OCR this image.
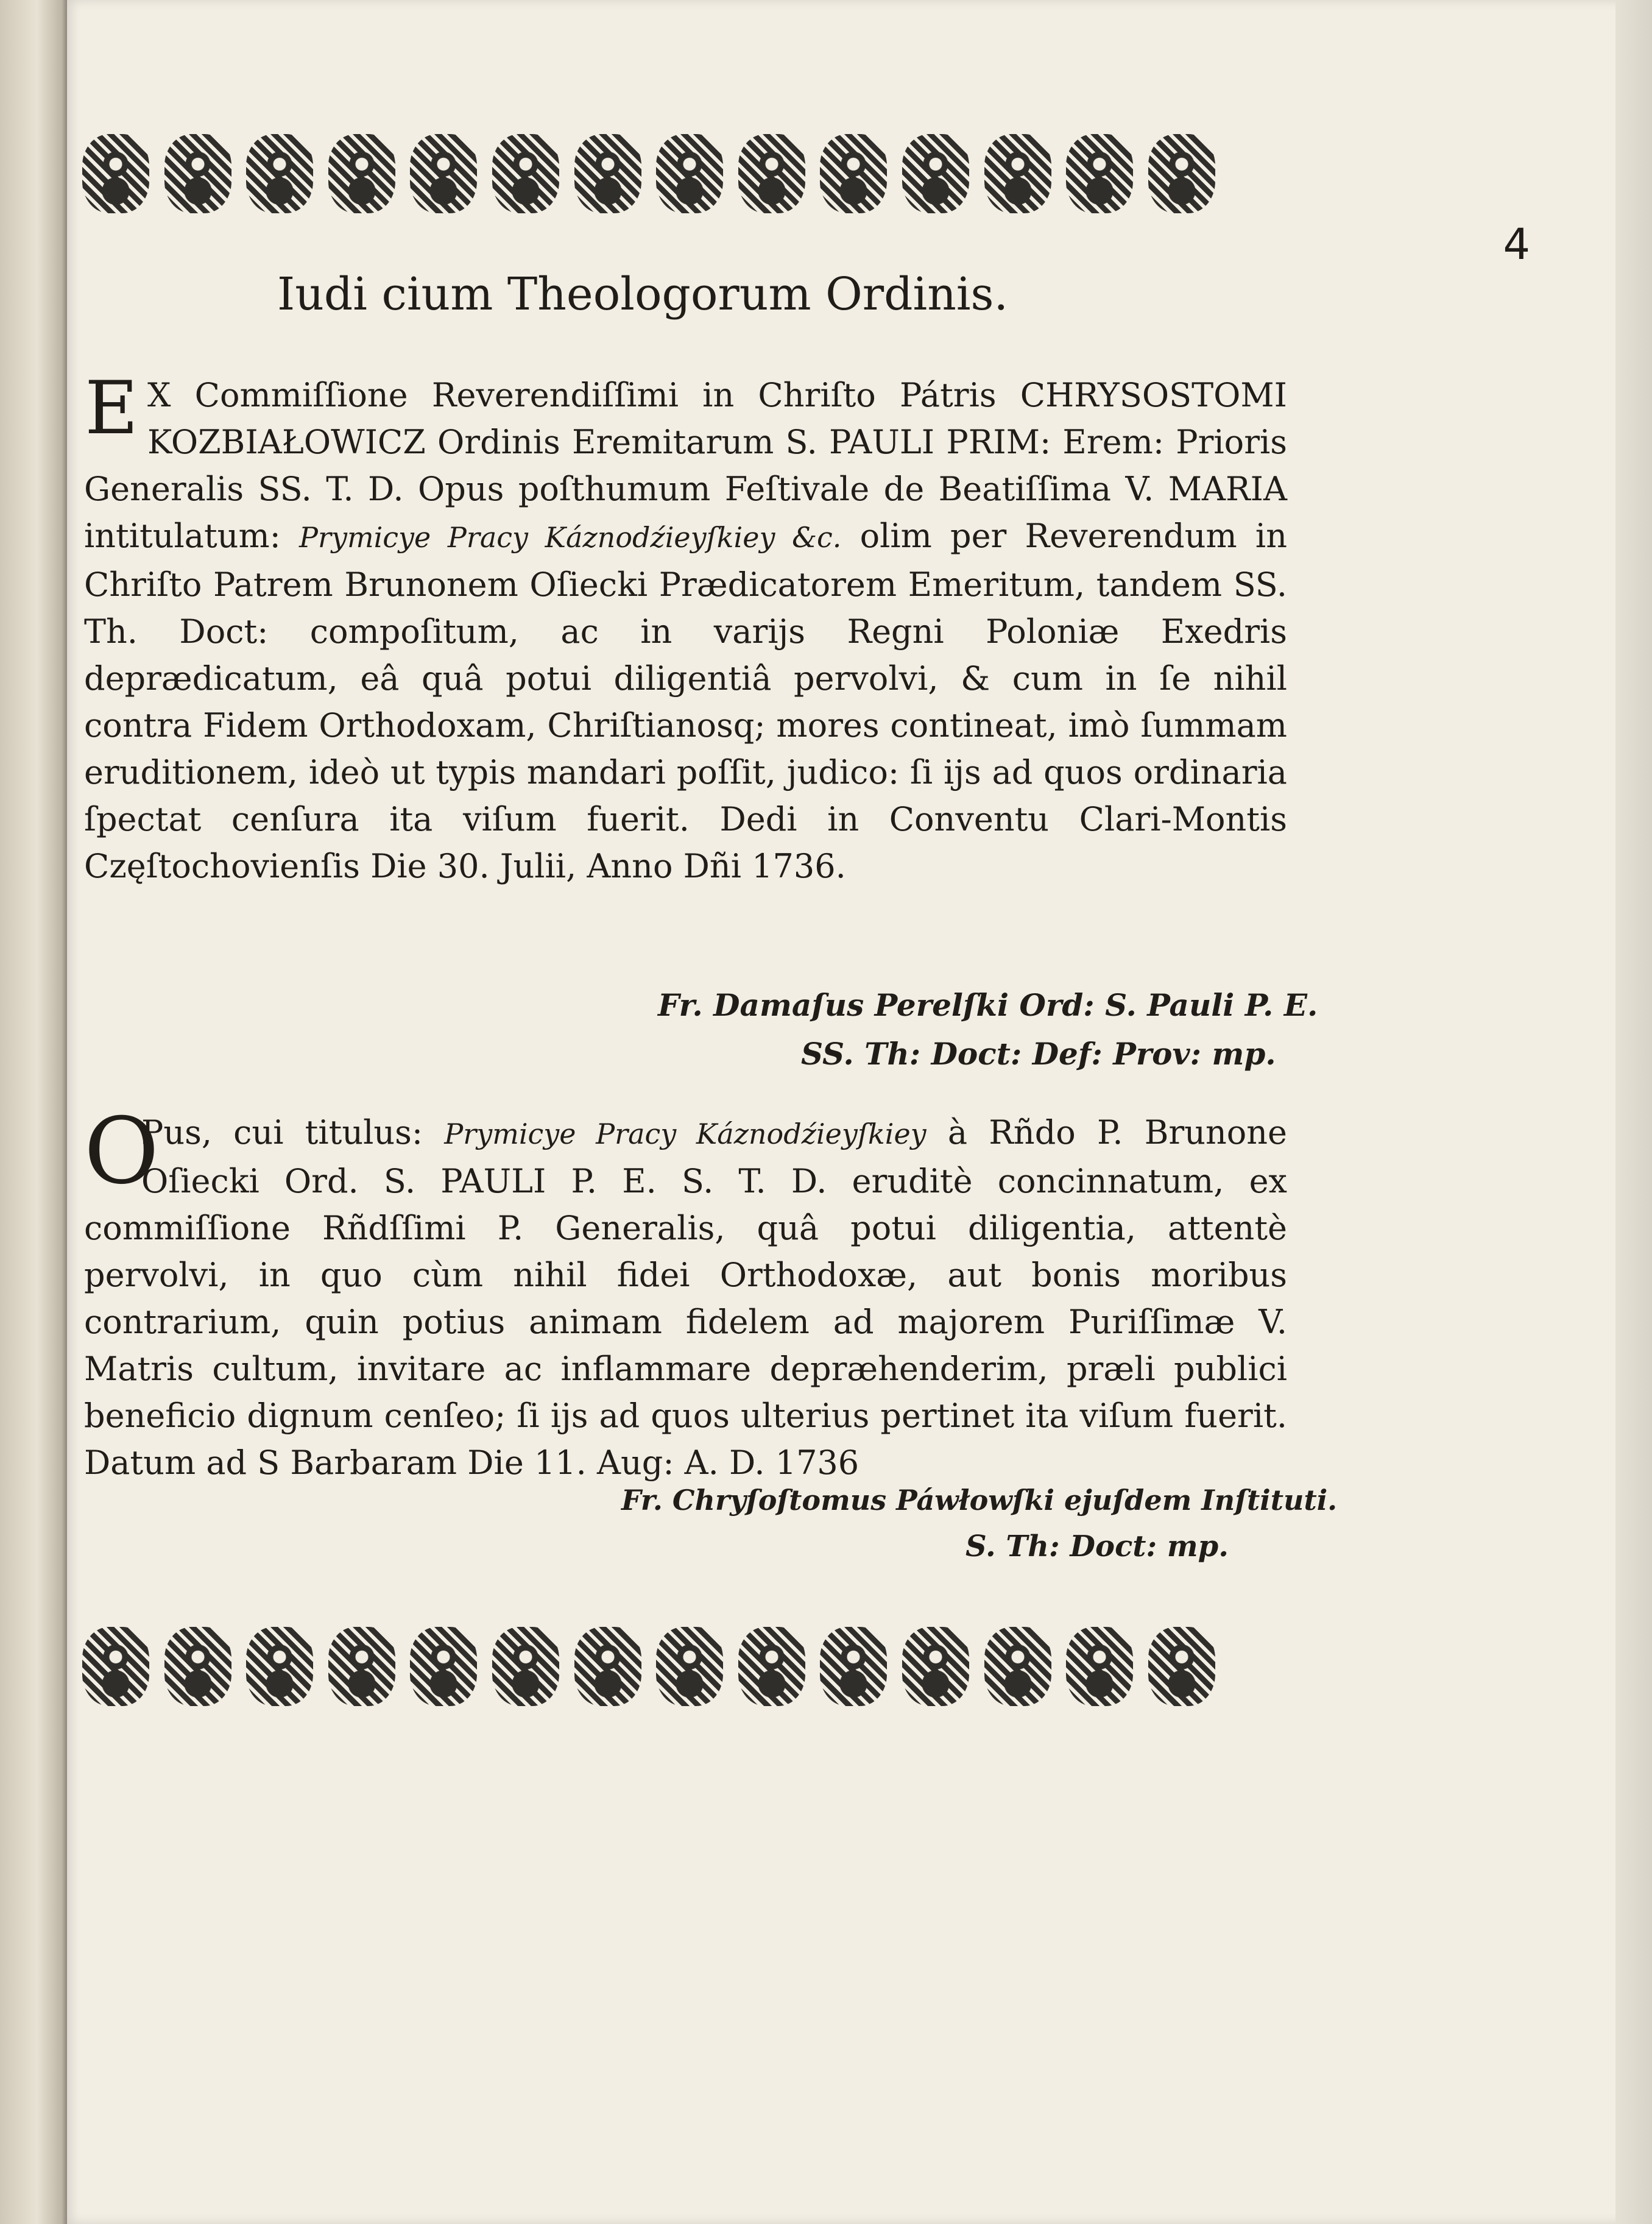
4
Iudi cium Theologorum Ordinis.
E X Commiſſione Reverendiſſimi in Chriſto Pátris CHRYSOSTOMI KOZBIAŁOWICZ Ordinis Eremitarum S. PAULI PRIM: Erem: Prioris Generalis SS. T. D. Opus poſthumum Feſtivale de Beatiſſima V. MARIA intitulatum: Prymicye Pracy Káznodźieyſkiey &c. olim per Reverendum in Chriſto Patrem Brunonem Oſiecki Prædicatorem Emeritum, tandem SS. Th. Doct: compoſitum, ac in varijs Regni Poloniæ Exedris deprædicatum, eâ quâ potui diligentiâ pervolvi, & cum in ſe nihil contra Fidem Orthodoxam, Chriſtianosq; mores contineat, imò ſummam eruditionem, ideò ut typis mandari poſſit, judico: ſi ijs ad quos ordinaria ſpectat cenſura ita viſum fuerit. Dedi in Conventu Clari-Montis Częſtochovienſis Die 30. Julii, Anno Dñi 1736.
Fr. Damaſus Perelſki Ord: S. Pauli P. E.
SS. Th: Doct: Def: Prov: mp.
O
Pus, cui titulus: Prymicye Pracy Káznodźieyſkiey à Rñdo P. Brunone Oſiecki Ord. S. PAULI P. E. S. T. D. eruditè concinnatum, ex commiſſione Rñdſſimi P. Generalis, quâ potui diligentia, attentè pervolvi, in quo cùm nihil fidei Orthodoxæ, aut bonis moribus contrarium, quin potius animam fidelem ad majorem Puriſſimæ V. Matris cultum, invitare ac inflammare depræhenderim, præli publici beneficio dignum cenſeo; ſi ijs ad quos ulterius pertinet ita viſum fuerit. Datum ad S Barbaram Die 11. Aug: A. D. 1736
Fr. Chryſoſtomus Páwłowſki ejuſdem Inſtituti.
S. Th: Doct: mp.
